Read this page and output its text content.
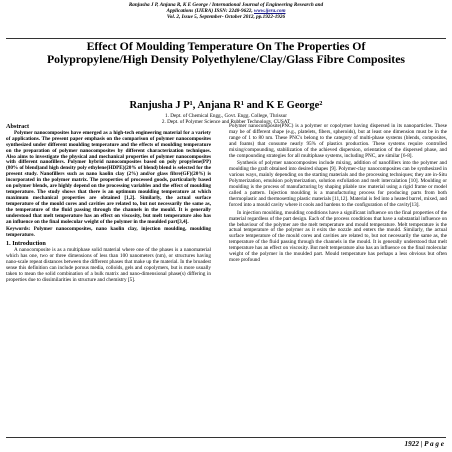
Ranjusha J P, Anjana R, K E George / International Journal of Engineering Research and
Applications (IJERA) ISSN: 2248-9622, www.ijera.com
Vol. 2, Issue 5, September- October 2012, pp.1922-1926
Effect Of Moulding Temperature On The Properties Of Polypropylene/High Density Polyethylene/Clay/Glass Fibre Composites
Ranjusha J P¹, Anjana R¹ and K E George²
1. Dept. of Chemical Engg., Govt. Engg. College, Thrissur
2. Dept. of Polymer Science and Rubber Technology, CUSAT
Abstract

Polymer nanocomposites have emerged as a high-tech engineering material for a variety of applications. The present paper emphasis on the comparison of polymer nanocomposites synthesized under different moulding temperature and the effects of moulding temperature on the preparation of polymer nanocomposites by different characterization techniques. Also aims to investigate the physical and mechanical properties of polymer nanocomposites with different nanofillers. Polymer hybrid nanocomposites based on poly propylene(PP) (80% of blend)and high density poly ethylene(HDPE)(20% of blend) blend is selected for the present study. Nanofillers such as nano kaolin clay (2%) and/or glass fibre(GF)(20%) is incorporated in the polymer matrix. The properties of processed goods, particularly based on polymer blends, are highly depend on the processing variables and the effect of moulding temperature. The study shows that there is an optimum moulding temperature at which maximum mechanical properties are obtained [1,2]. Similarly, the actual surface temperature of the mould cores and cavities are related to, but not necessarily the same as, the temperature of the fluid passing through the channels in the mould. It is generally understood that melt temperature has an effect on viscosity, but melt temperature also has an influence on the final molecular weight of the polymer in the moulded part[3,4].

Keywords: Polymer nanocomposites, nano kaolin clay, injection moulding, moulding temperature.

1. Introduction

A nanocomposite is as a multiphase solid material where one of the phases is a nanomaterial which has one, two or three dimensions of less than 100 nanometers (nm), or structures having nano-scale repeat distances between the different phases that make up the material. In the broadest sense this definition can include porous media, colloids, gels and copolymers, but is more usually taken to mean the solid combination of a bulk matrix and nano-dimensional phase(s) differing in properties due to dissimilarities in structure and chemistry [5].

Polymer nanocomposite(PNC) is a polymer or copolymer having dispersed in its nanoparticles. These may be of different shape (e.g., platelets, fibers, spheroids), but at least one dimension must be in the range of 1 to 80 nm. These PNC's belong to the category of multi-phase systems (blends, composites, and foams) that consume nearly 95% of plastics production. These systems require controlled mixing/compounding, stabilization of the achieved dispersion, orientation of the dispersed phase, and the compounding strategies for all multiphase systems, including PNC, are similar [6-8].

Synthesis of polymer nanocomposites include mixing, addition of nanofillers into the polymer and moulding the graft obtained into desired shapes [9]. Polymer-clay nanocomposites can be synthesized in various ways, mainly depending on the starting materials and the processing techniques; they are in-Situ Polymerization, emulsion polymerization, solution exfoliation and melt intercalation [10]. Moulding or moulding is the process of manufacturing by shaping pliable raw material using a rigid frame or model called a pattern. Injection moulding is a manufacturing process for producing parts from both thermoplastic and thermosetting plastic materials [11,12]. Material is fed into a heated barrel, mixed, and forced into a mould cavity where it cools and hardens to the configuration of the cavity[13].

In injection moulding, moulding conditions have a significant influence on the final properties of the material regardless of the part design. Each of the process conditions that have a substantial influence on the behaviour of the polymer are the melt temperature and mould temperature. Melt temperature is the actual temperature of the polymer as it exits the nozzle and enters the mould. Similarly, the actual surface temperature of the mould cores and cavities are related to, but not necessarily the same as, the temperature of the fluid passing through the channels in the mould. It is generally understood that melt temperature has an effect on viscosity. But melt temperature also has an influence on the final molecular weight of the polymer in the moulded part. Mould temperature has perhaps a less obvious but often more profound

1922 | P a g e
